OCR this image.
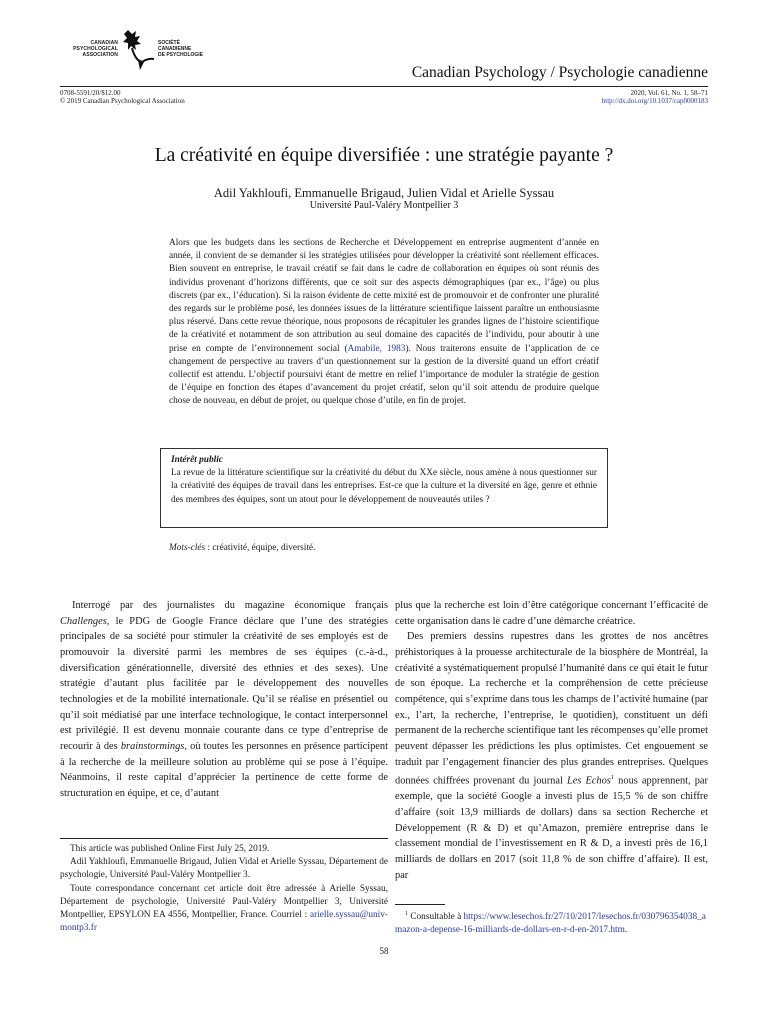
CANADIAN
PSYCHOLOGICAL
ASSOCIATION
SOCIÉTÉ
CANADIENNE
DE PSYCHOLOGIE
Canadian Psychology / Psychologie canadienne
0708-5591/20/$12.00
© 2019 Canadian Psychological Association
2020, Vol. 61, No. 1, 58–71
http://dx.doi.org/10.1037/cap0000183
La créativité en équipe diversifiée : une stratégie payante ?
Adil Yakhloufi, Emmanuelle Brigaud, Julien Vidal et Arielle Syssau
Université Paul-Valéry Montpellier 3
Alors que les budgets dans les sections de Recherche et Développement en entreprise augmentent d’année en année, il convient de se demander si les stratégies utilisées pour développer la créativité sont réellement efficaces. Bien souvent en entreprise, le travail créatif se fait dans le cadre de collaboration en équipes où sont réunis des individus provenant d’horizons différents, que ce soit sur des aspects démographiques (par ex., l’âge) ou plus discrets (par ex., l’éducation). Si la raison évidente de cette mixité est de promouvoir et de confronter une pluralité des regards sur le problème posé, les données issues de la littérature scientifique laissent paraître un enthousiasme plus réservé. Dans cette revue théorique, nous proposons de récapituler les grandes lignes de l’histoire scientifique de la créativité et notamment de son attribution au seul domaine des capacités de l’individu, pour aboutir à une prise en compte de l’environnement social (Amabile, 1983). Nous traiterons ensuite de l’application de ce changement de perspective au travers d’un questionnement sur la gestion de la diversité quand un effort créatif collectif est attendu. L’objectif poursuivi étant de mettre en relief l’importance de moduler la stratégie de gestion de l’équipe en fonction des étapes d’avancement du projet créatif, selon qu’il soit attendu de produire quelque chose de nouveau, en début de projet, ou quelque chose d’utile, en fin de projet.
Intérêt public
La revue de la littérature scientifique sur la créativité du début du XXe siècle, nous amène à nous questionner sur la créativité des équipes de travail dans les entreprises. Est-ce que la culture et la diversité en âge, genre et ethnie des membres des équipes, sont un atout pour le développement de nouveautés utiles ?
Mots-clés : créativité, équipe, diversité.

Interrogé par des journalistes du magazine économique français Challenges, le PDG de Google France déclare que l’une des stratégies principales de sa société pour stimuler la créativité de ses employés est de promouvoir la diversité parmi les membres de ses équipes (c.-à-d., diversification générationnelle, diversité des ethnies et des sexes). Une stratégie d’autant plus facilitée par le développement des nouvelles technologies et de la mobilité internationale. Qu’il se réalise en présentiel ou qu’il soit médiatisé par une interface technologique, le contact interpersonnel est privilégié. Il est devenu monnaie courante dans ce type d’entreprise de recourir à des brainstormings, où toutes les personnes en présence participent à la recherche de la meilleure solution au problème qui se pose à l’équipe. Néanmoins, il reste capital d’apprécier la pertinence de cette forme de structuration en équipe, et ce, d’autant

plus que la recherche est loin d’être catégorique concernant l’efficacité de cette organisation dans le cadre d’une démarche créatrice.

Des premiers dessins rupestres dans les grottes de nos ancêtres préhistoriques à la prouesse architecturale de la biosphère de Montréal, la créativité a systématiquement propulsé l’humanité dans ce qui était le futur de son époque. La recherche et la compréhension de cette précieuse compétence, qui s’exprime dans tous les champs de l’activité humaine (par ex., l’art, la recherche, l’entreprise, le quotidien), constituent un défi permanent de la recherche scientifique tant les récompenses qu’elle promet peuvent dépasser les prédictions les plus optimistes. Cet engouement se traduit par l’engagement financier des plus grandes entreprises. Quelques données chiffrées provenant du journal Les Echos$^1$ nous apprennent, par exemple, que la société Google a investi plus de 15,5 % de son chiffre d’affaire (soit 13,9 milliards de dollars) dans sa section Recherche et Développement (R & D) et qu’Amazon, première entreprise dans le classement mondial de l’investissement en R & D, a investi près de 16,1 milliards de dollars en 2017 (soit 11,8 % de son chiffre d’affaire). Il est, par

This article was published Online First July 25, 2019.

Adil Yakhloufi, Emmanuelle Brigaud, Julien Vidal et Arielle Syssau, Département de psychologie, Université Paul-Valéry Montpellier 3.

Toute correspondance concernant cet article doit être adressée à Arielle Syssau, Département de psychologie, Université Paul-Valéry Montpellier 3, Université Montpellier, EPSYLON EA 4556, Montpellier, France. Courriel : arielle.syssau@univ-montp3.fr

$^1$ Consultable à https://www.lesechos.fr/27/10/2017/lesechos.fr/030796354038_amazon-a-depense-16-milliards-de-dollars-en-r-d-en-2017.htm.
58
